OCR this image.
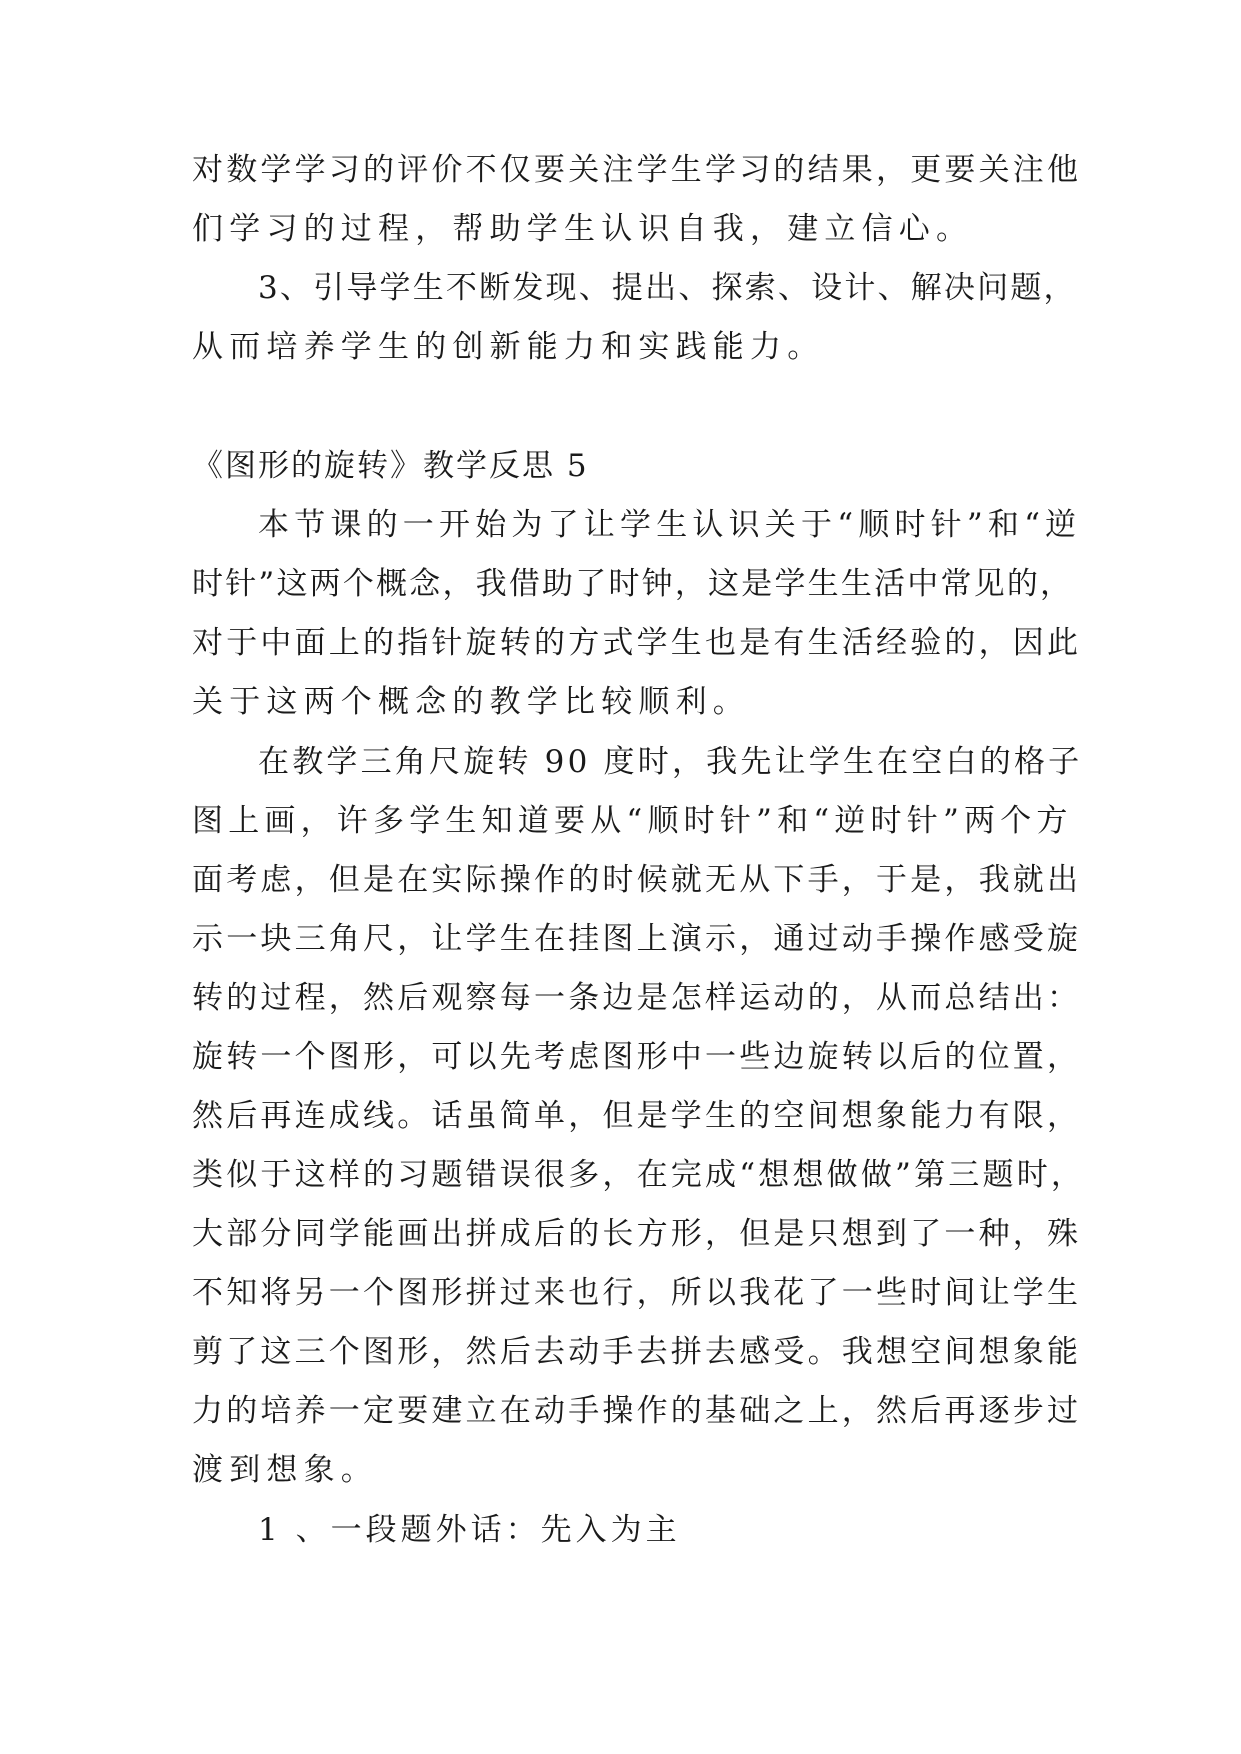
对数学学习的评价不仅要关注学生学习的结果，更要关注他
们学习的过程，帮助学生认识自我，建立信心。
3、引导学生不断发现、提出、探索、设计、解决问题，
从而培养学生的创新能力和实践能力。
《图形的旋转》教学反思 5
本节课的一开始为了让学生认识关于“顺时针”和“逆
时针”这两个概念，我借助了时钟，这是学生生活中常见的，
对于中面上的指针旋转的方式学生也是有生活经验的，因此
关于这两个概念的教学比较顺利。
在教学三角尺旋转 90 度时，我先让学生在空白的格子
图上画，许多学生知道要从“顺时针”和“逆时针”两个方
面考虑，但是在实际操作的时候就无从下手，于是，我就出
示一块三角尺，让学生在挂图上演示，通过动手操作感受旋
转的过程，然后观察每一条边是怎样运动的，从而总结出：
旋转一个图形，可以先考虑图形中一些边旋转以后的位置，
然后再连成线。话虽简单，但是学生的空间想象能力有限，
类似于这样的习题错误很多，在完成“想想做做”第三题时，
大部分同学能画出拼成后的长方形，但是只想到了一种，殊
不知将另一个图形拼过来也行，所以我花了一些时间让学生
剪了这三个图形，然后去动手去拼去感受。我想空间想象能
力的培养一定要建立在动手操作的基础之上，然后再逐步过
渡到想象。
1 、一段题外话：先入为主
